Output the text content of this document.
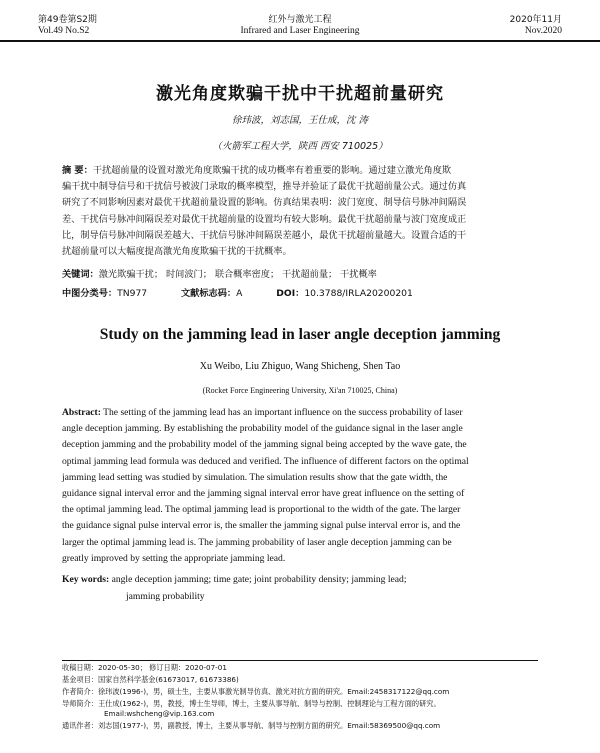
第49卷第S2期	红外与激光工程	2020年11月
Vol.49 No.S2	Infrared and Laser Engineering	Nov.2020
激光角度欺骗干扰中干扰超前量研究
徐玮波，刘志国，王仕成，沈 涛
（火箭军工程大学，陕西 西安 710025）
摘 要：干扰超前量的设置对激光角度欺骗干扰的成功概率有着重要的影响。通过建立激光角度欺
骗干扰中制导信号和干扰信号被波门录取的概率模型，推导并验证了最优干扰超前量公式。通过仿真
研究了不同影响因素对最优干扰超前量设置的影响。仿真结果表明：波门宽度、制导信号脉冲间隔误
差、干扰信号脉冲间隔误差对最优干扰超前量的设置均有较大影响。最优干扰超前量与波门宽度成正
比，制导信号脉冲间隔误差越大、干扰信号脉冲间隔误差越小，最优干扰超前量越大。设置合适的干
扰超前量可以大幅度提高激光角度欺骗干扰的干扰概率。
关键词：激光欺骗干扰； 时间波门； 联合概率密度； 干扰超前量； 干扰概率
中图分类号：TN977	文献标志码：A	DOI：10.3788/IRLA20200201
Study on the jamming lead in laser angle deception jamming
Xu Weibo, Liu Zhiguo, Wang Shicheng, Shen Tao
(Rocket Force Engineering University, Xi'an 710025, China)
Abstract: The setting of the jamming lead has an important influence on the success probability of laser
angle deception jamming. By establishing the probability model of the guidance signal in the laser angle
deception jamming and the probability model of the jamming signal being accepted by the wave gate, the
optimal jamming lead formula was deduced and verified. The influence of different factors on the optimal
jamming lead setting was studied by simulation. The simulation results show that the gate width, the
guidance signal interval error and the jamming signal interval error have great influence on the setting of
the optimal jamming lead. The optimal jamming lead is proportional to the width of the gate. The larger
the guidance signal pulse interval error is, the smaller the jamming signal pulse interval error is, and the
larger the optimal jamming lead is. The jamming probability of laser angle deception jamming can be
greatly improved by setting the appropriate jamming lead.
Key words: angle deception jamming; time gate; joint probability density; jamming lead;
jamming probability
收稿日期：2020-05-30； 修订日期：2020-07-01
基金项目：国家自然科学基金(61673017, 61673386)
作者简介：徐玮波(1996-)，男，硕士生，主要从事激光制导仿真、激光对抗方面的研究。Email:2458317122@qq.com
导师简介：王仕成(1962-)，男，教授，博士生导师，博士，主要从事导航、制导与控制、控制理论与工程方面的研究。
Email:wshcheng@vip.163.com
通讯作者：刘志国(1977-)，男，副教授，博士，主要从事导航、制导与控制方面的研究。Email:58369500@qq.com
